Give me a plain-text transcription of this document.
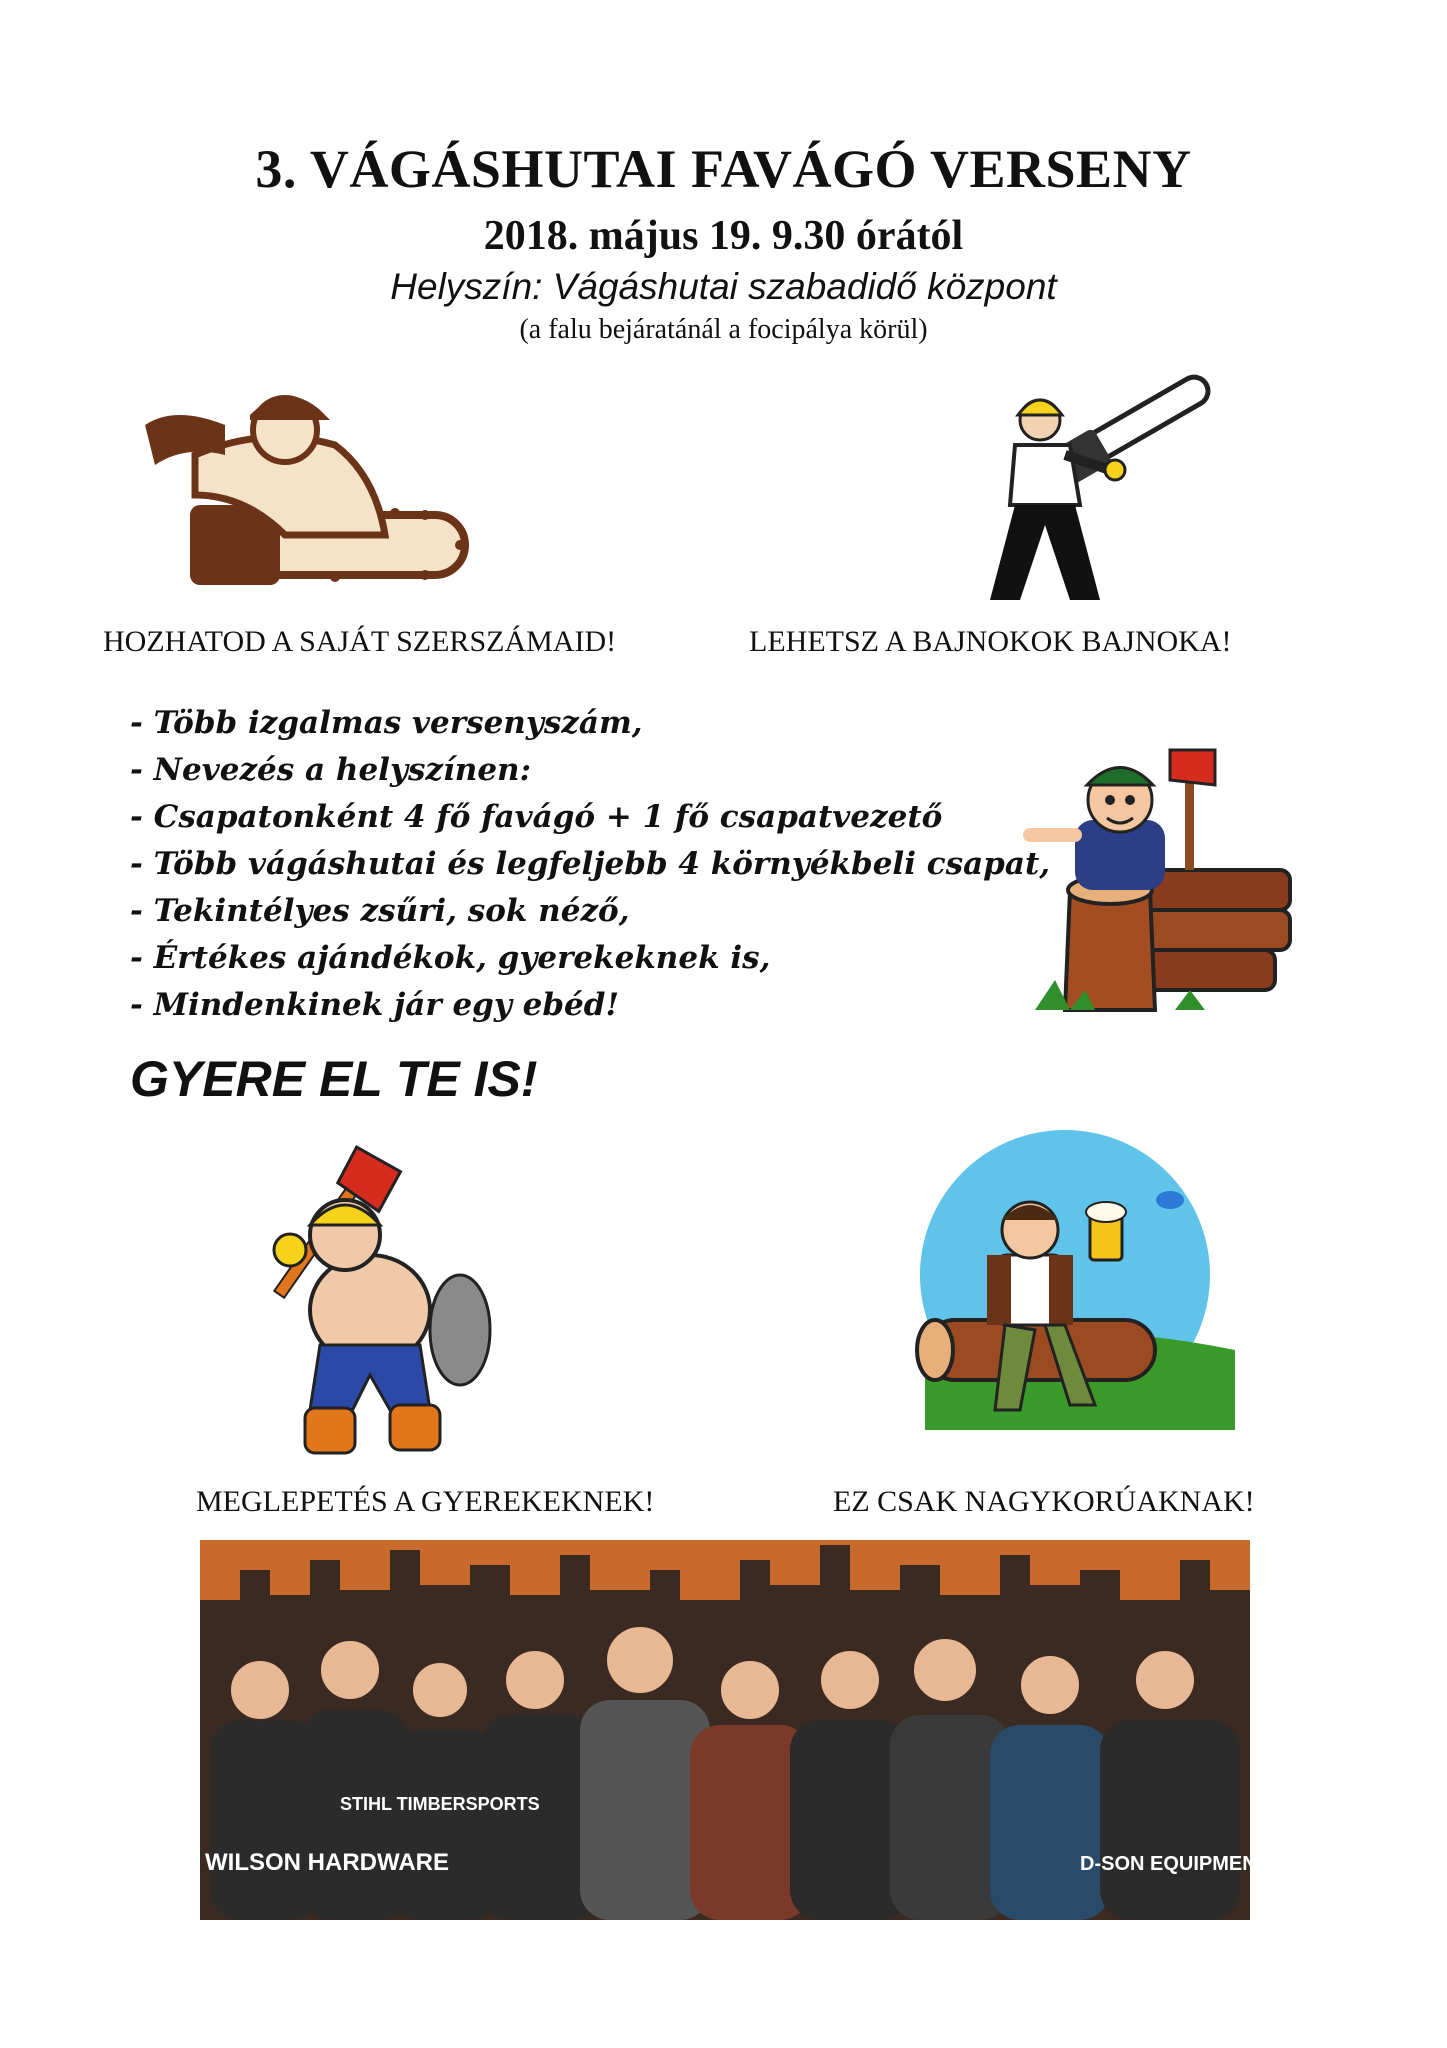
3. VÁGÁSHUTAI FAVÁGÓ VERSENY
2018. május 19. 9.30 órától
Helyszín: Vágáshutai szabadidő központ
(a falu bejáratánál a focipálya körül)
HOZHATOD A SAJÁT SZERSZÁMAID!	LEHETSZ A BAJNOKOK BAJNOKA!
- Több izgalmas versenyszám,
- Nevezés a helyszínen:
- Csapatonként 4 fő favágó + 1 fő csapatvezető
- Több vágáshutai és legfeljebb 4 környékbeli csapat,
- Tekintélyes zsűri, sok néző,
- Értékes ajándékok, gyerekeknek is,
- Mindenkinek jár egy ebéd!
GYERE EL TE IS!
MEGLEPETÉS A GYEREKEKNEK!	EZ CSAK NAGYKORÚAKNAK!
STIHL TIMBERSPORTS
WILSON HARDWARE	D-SON EQUIPMENT
